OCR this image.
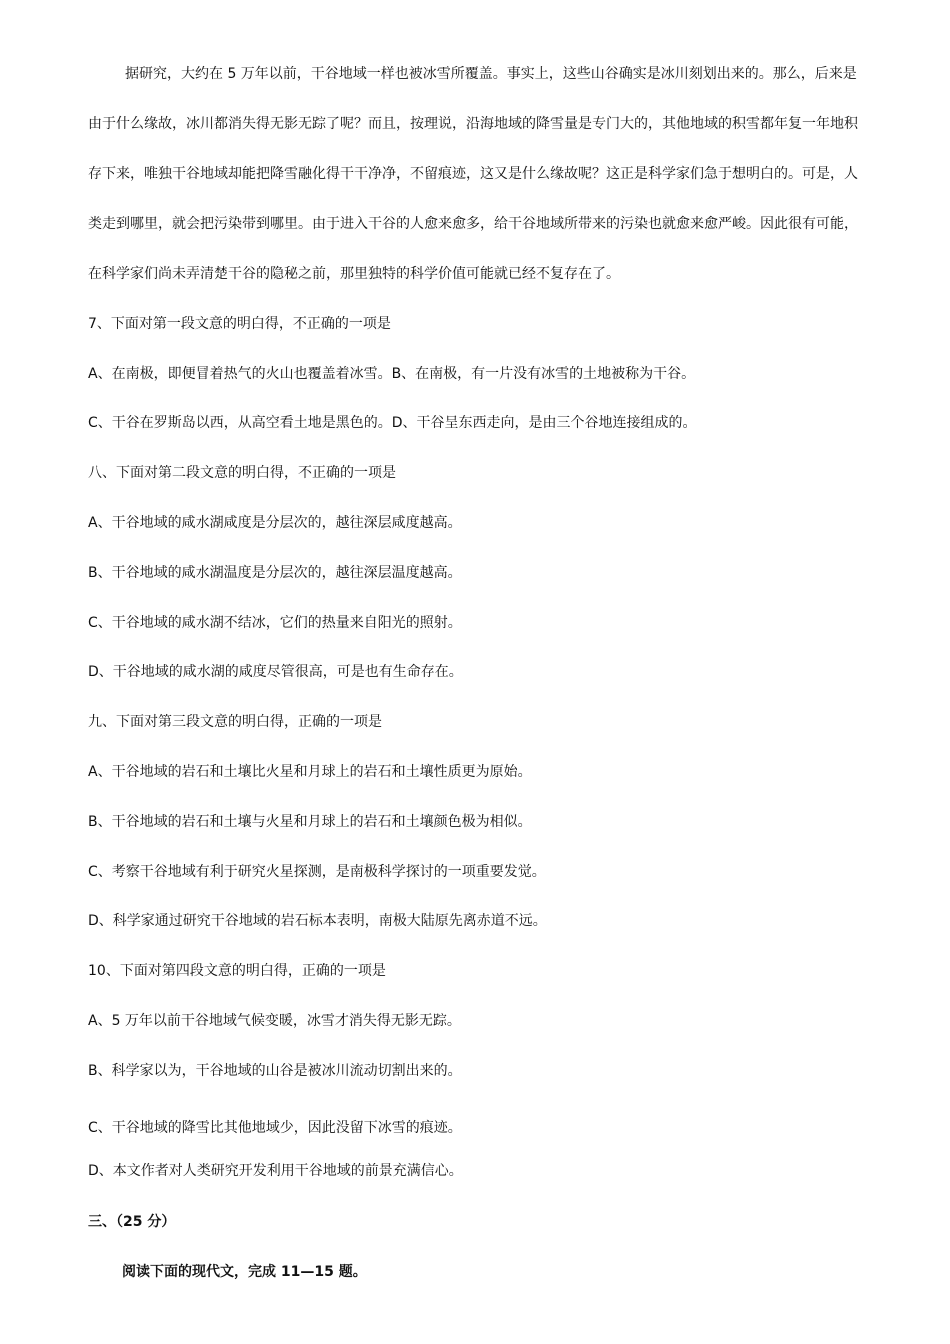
据研究，大约在 5 万年以前，干谷地域一样也被冰雪所覆盖。事实上，这些山谷确实是冰川刻划出来的。那么，后来是
由于什么缘故，冰川都消失得无影无踪了呢？而且，按理说，沿海地域的降雪量是专门大的，其他地域的积雪都年复一年地积
存下来，唯独干谷地域却能把降雪融化得干干净净，不留痕迹，这又是什么缘故呢？这正是科学家们急于想明白的。可是，人
类走到哪里，就会把污染带到哪里。由于进入干谷的人愈来愈多，给干谷地域所带来的污染也就愈来愈严峻。因此很有可能，
在科学家们尚未弄清楚干谷的隐秘之前，那里独特的科学价值可能就已经不复存在了。
7、下面对第一段文意的明白得，不正确的一项是
A、在南极，即便冒着热气的火山也覆盖着冰雪。B、在南极，有一片没有冰雪的土地被称为干谷。
C、干谷在罗斯岛以西，从高空看土地是黑色的。D、干谷呈东西走向，是由三个谷地连接组成的。
八、下面对第二段文意的明白得，不正确的一项是
A、干谷地域的咸水湖咸度是分层次的，越往深层咸度越高。
B、干谷地域的咸水湖温度是分层次的，越往深层温度越高。
C、干谷地域的咸水湖不结冰，它们的热量来自阳光的照射。
D、干谷地域的咸水湖的咸度尽管很高，可是也有生命存在。
九、下面对第三段文意的明白得，正确的一项是
A、干谷地域的岩石和土壤比火星和月球上的岩石和土壤性质更为原始。
B、干谷地域的岩石和土壤与火星和月球上的岩石和土壤颜色极为相似。
C、考察干谷地域有利于研究火星探测，是南极科学探讨的一项重要发觉。
D、科学家通过研究干谷地域的岩石标本表明，南极大陆原先离赤道不远。
10、下面对第四段文意的明白得，正确的一项是
A、5 万年以前干谷地域气候变暖，冰雪才消失得无影无踪。
B、科学家以为，干谷地域的山谷是被冰川流动切割出来的。
C、干谷地域的降雪比其他地域少，因此没留下冰雪的痕迹。
D、本文作者对人类研究开发利用干谷地域的前景充满信心。
三、（25 分）
阅读下面的现代文，完成 11—15 题。
